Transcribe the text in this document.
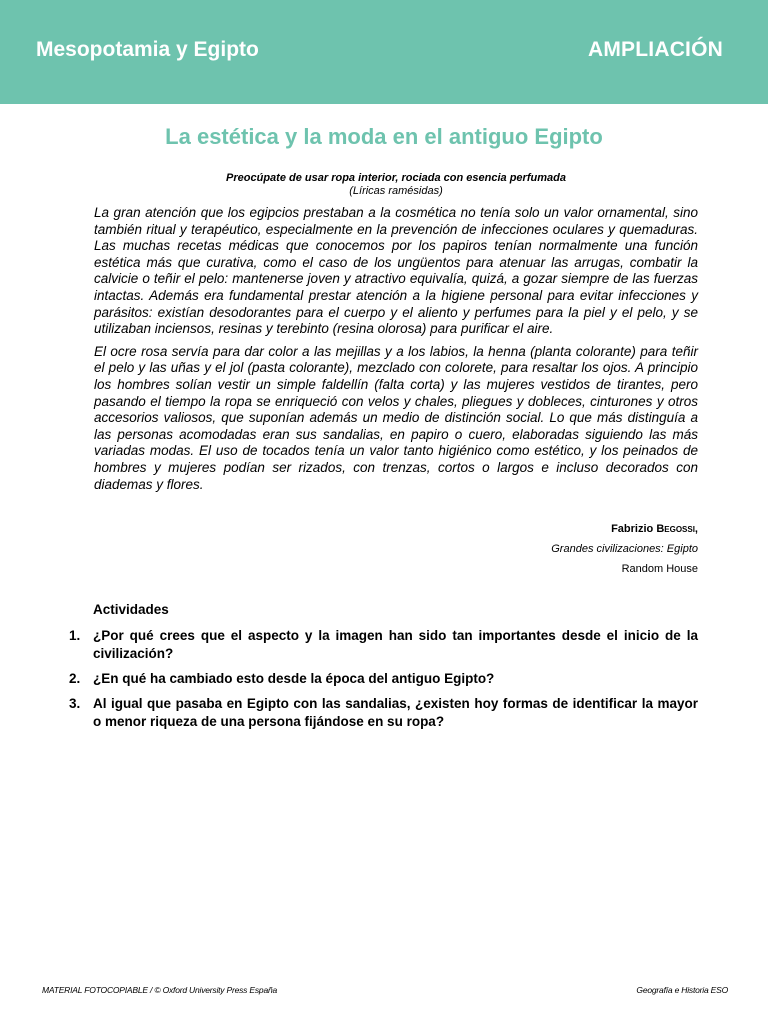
Mesopotamia y Egipto	AMPLIACIÓN
La estética y la moda en el antiguo Egipto
Preocúpate de usar ropa interior, rociada con esencia perfumada
(Líricas ramésidas)

La gran atención que los egipcios prestaban a la cosmética no tenía solo un valor ornamental, sino también ritual y terapéutico, especialmente en la prevención de infecciones oculares y quemaduras. Las muchas recetas médicas que conocemos por los papiros tenían normalmente una función estética más que curativa, como el caso de los ungüentos para atenuar las arrugas, combatir la calvicie o teñir el pelo: mantenerse joven y atractivo equivalía, quizá, a gozar siempre de las fuerzas intactas. Además era fundamental prestar atención a la higiene personal para evitar infecciones y parásitos: existían desodorantes para el cuerpo y el aliento y perfumes para la piel y el pelo, y se utilizaban inciensos, resinas y terebinto (resina olorosa) para purificar el aire.

El ocre rosa servía para dar color a las mejillas y a los labios, la henna (planta colorante) para teñir el pelo y las uñas y el jol (pasta colorante), mezclado con colorete, para resaltar los ojos. A principio los hombres solían vestir un simple faldellín (falta corta) y las mujeres vestidos de tirantes, pero pasando el tiempo la ropa se enriqueció con velos y chales, pliegues y dobleces, cinturones y otros accesorios valiosos, que suponían además un medio de distinción social. Lo que más distinguía a las personas acomodadas eran sus sandalias, en papiro o cuero, elaboradas siguiendo las más variadas modas. El uso de tocados tenía un valor tanto higiénico como estético, y los peinados de hombres y mujeres podían ser rizados, con trenzas, cortos o largos e incluso decorados con diademas y flores.

Fabrizio Begossi,
Grandes civilizaciones: Egipto
Random House
Actividades
1. ¿Por qué crees que el aspecto y la imagen han sido tan importantes desde el inicio de la civilización?
2. ¿En qué ha cambiado esto desde la época del antiguo Egipto?
3. Al igual que pasaba en Egipto con las sandalias, ¿existen hoy formas de identificar la mayor o menor riqueza de una persona fijándose en su ropa?
MATERIAL FOTOCOPIABLE / © Oxford University Press España	Geografía e Historia ESO
